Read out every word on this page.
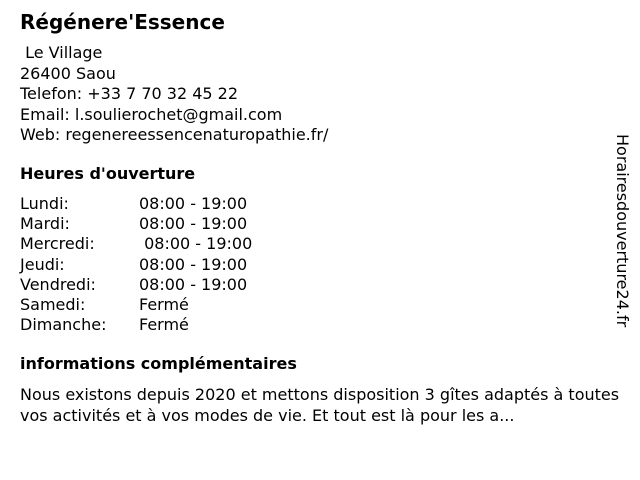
Régénere'Essence
Le Village
26400 Saou
Telefon: +33 7 70 32 45 22
Email: l.soulierochet@gmail.com
Web: regenereessencenaturopathie.fr/
Heures d'ouverture
Lundi:	08:00 - 19:00
Mardi:	08:00 - 19:00
Mercredi:	08:00 - 19:00
Jeudi:	08:00 - 19:00
Vendredi:	08:00 - 19:00
Samedi:	Fermé
Dimanche: Fermé
informations complémentaires
Nous existons depuis 2020 et mettons disposition 3 gîtes adaptés à toutes vos activités et à vos modes de vie. Et tout est là pour les a...
Horairesdouverture24.fr
